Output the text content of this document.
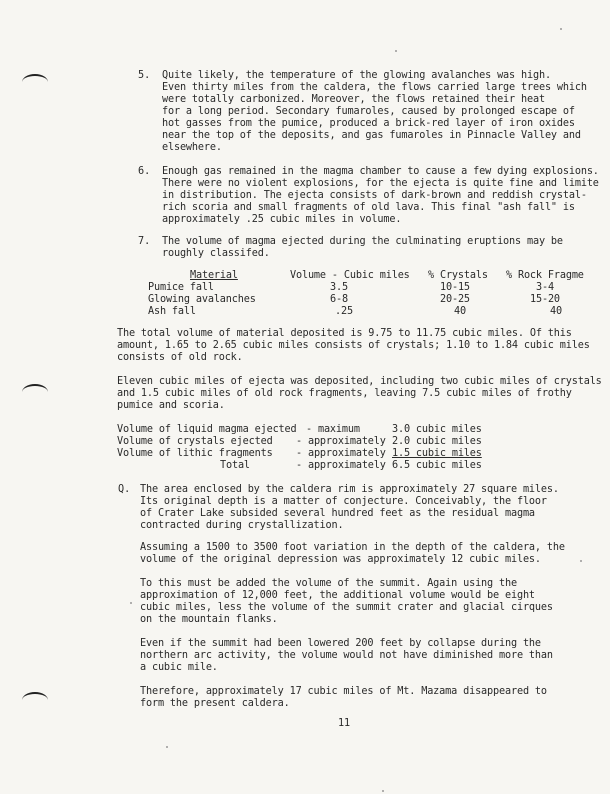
5. Quite likely, the temperature of the glowing avalanches was high.
Even thirty miles from the caldera, the flows carried large trees which
were totally carbonized. Moreover, the flows retained their heat
for a long period. Secondary fumaroles, caused by prolonged escape of
hot gasses from the pumice, produced a brick-red layer of iron oxides
near the top of the deposits, and gas fumaroles in Pinnacle Valley and
elsewhere.
6. Enough gas remained in the magma chamber to cause a few dying explosions.
There were no violent explosions, for the ejecta is quite fine and limite
in distribution. The ejecta consists of dark-brown and reddish crystal-
rich scoria and small fragments of old lava. This final "ash fall" is
approximately .25 cubic miles in volume.
7. The volume of magma ejected during the culminating eruptions may be
roughly classifed.
Material	Volume - Cubic miles % Crystals % Rock Fragme
Pumice fall	3.5	10-15	3-4
Glowing avalanches	6-8	20-25	15-20
Ash fall	.25	40	40
The total volume of material deposited is 9.75 to 11.75 cubic miles. Of this
amount, 1.65 to 2.65 cubic miles consists of crystals; 1.10 to 1.84 cubic miles
consists of old rock.
Eleven cubic miles of ejecta was deposited, including two cubic miles of crystals
and 1.5 cubic miles of old rock fragments, leaving 7.5 cubic miles of frothy
pumice and scoria.
Volume of liquid magma ejected - maximum	3.0 cubic miles
Volume of crystals ejected - approximately 2.0 cubic miles
Volume of lithic fragments - approximately 1.5 cubic miles
Total	- approximately 6.5 cubic miles
Q. The area enclosed by the caldera rim is approximately 27 square miles.
Its original depth is a matter of conjecture. Conceivably, the floor
of Crater Lake subsided several hundred feet as the residual magma
contracted during crystallization.
Assuming a 1500 to 3500 foot variation in the depth of the caldera, the
volume of the original depression was approximately 12 cubic miles.
To this must be added the volume of the summit. Again using the
approximation of 12,000 feet, the additional volume would be eight
cubic miles, less the volume of the summit crater and glacial cirques
on the mountain flanks.
Even if the summit had been lowered 200 feet by collapse during the
northern arc activity, the volume would not have diminished more than
a cubic mile.
Therefore, approximately 17 cubic miles of Mt. Mazama disappeared to
form the present caldera.
11
